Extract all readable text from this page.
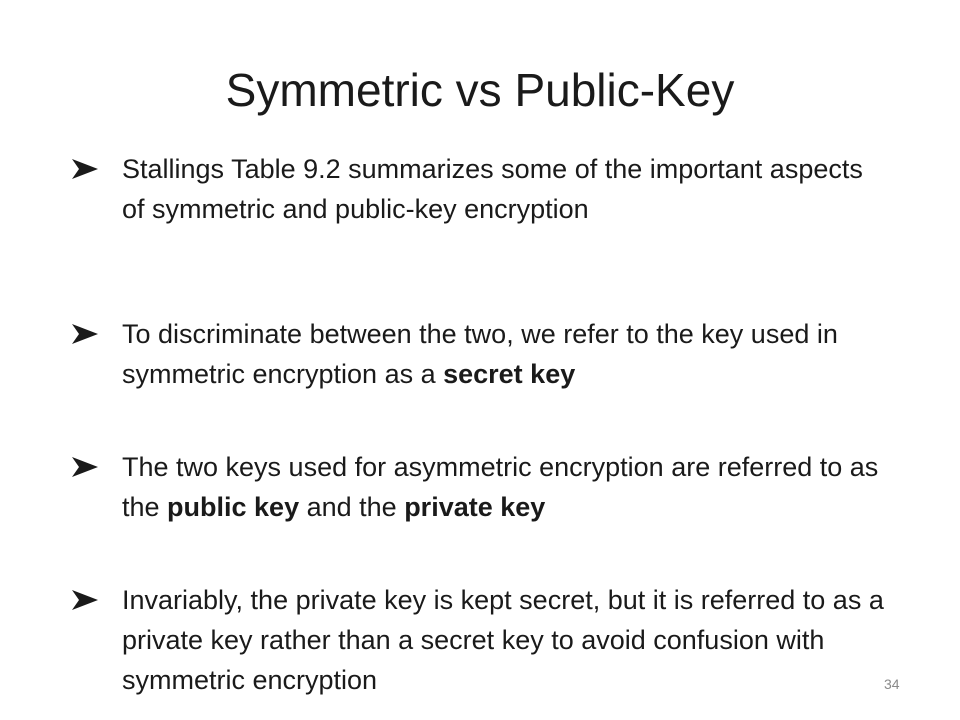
Symmetric vs Public-Key
Stallings Table 9.2 summarizes some of the important aspects of symmetric and public-key encryption
To discriminate between the two, we refer to the key used in symmetric encryption as a secret key
The two keys used for asymmetric encryption are referred to as the public key and the private key
Invariably, the private key is kept secret, but it is referred to as a private key rather than a secret key to avoid confusion with symmetric encryption	34
